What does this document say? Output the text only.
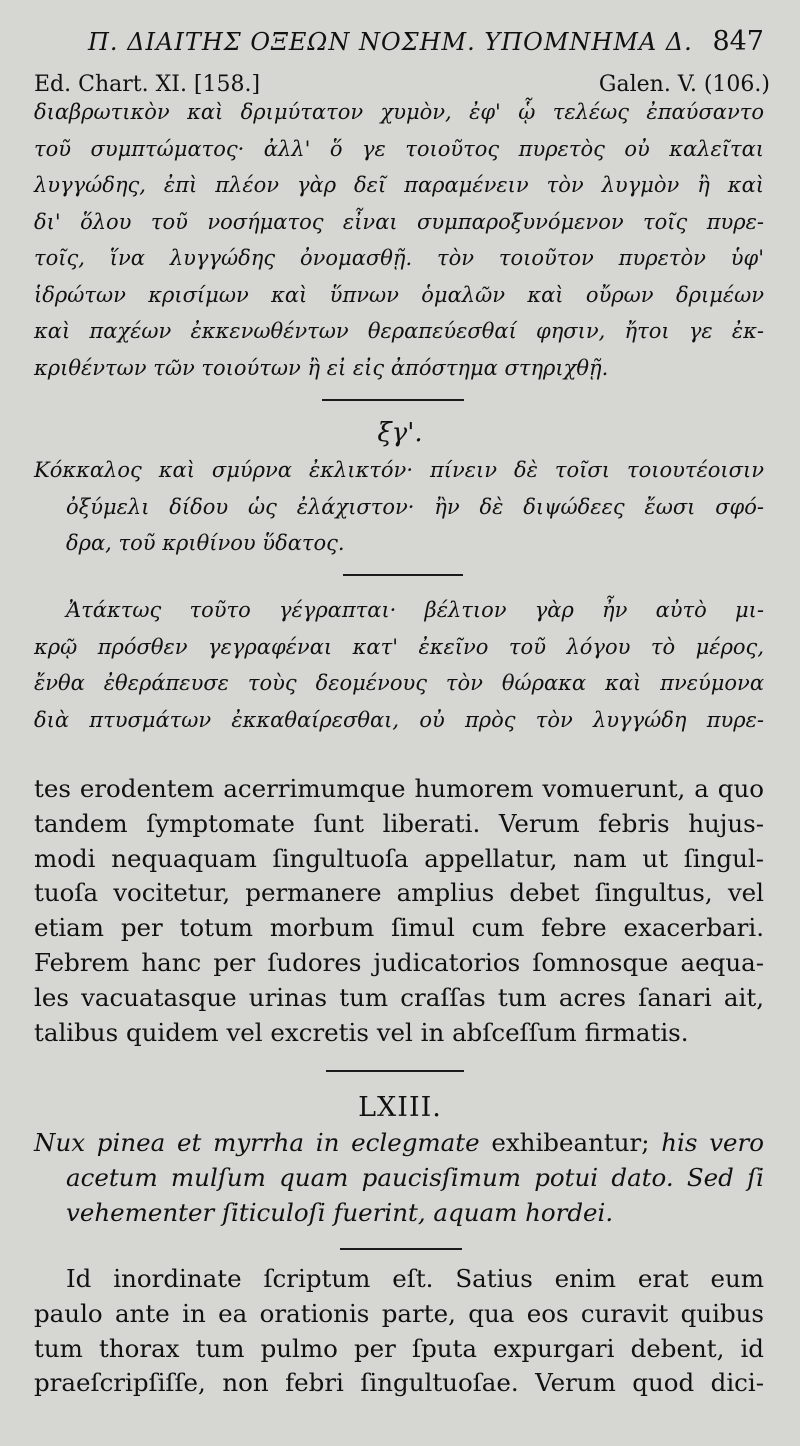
Π. ΔΙΑΙΤΗΣ ΟΞΕΩΝ ΝΟΣΗΜ. ΥΠΟΜΝΗΜΑ Δ. 847
Ed. Chart. XI. [158.]	Galen. V. (106.)
διαβρωτικὸν καὶ δριμύτατον χυμὸν, ἐφ' ᾧ τελέως ἐπαύσαντο
τοῦ συμπτώματος· ἀλλ' ὅ γε τοιοῦτος πυρετὸς οὐ καλεῖται
λυγγώδης, ἐπὶ πλέον γὰρ δεῖ παραμένειν τὸν λυγμὸν ἢ καὶ
δι' ὅλου τοῦ νοσήματος εἶναι συμπαροξυνόμενον τοῖς πυρε-
τοῖς, ἵνα λυγγώδης ὀνομασθῇ. τὸν τοιοῦτον πυρετὸν ὑφ'
ἱδρώτων κρισίμων καὶ ὕπνων ὁμαλῶν καὶ οὔρων δριμέων
καὶ παχέων ἐκκενωθέντων θεραπεύεσθαί φησιν, ἤτοι γε ἐκ-
κριθέντων τῶν τοιούτων ἢ εἰ εἰς ἀπόστημα στηριχθῇ.
ξγ'.
Κόκκαλος καὶ σμύρνα ἐκλικτόν· πίνειν δὲ τοῖσι τοιουτέοισιν
ὀξύμελι δίδου ὡς ἐλάχιστον· ἢν δὲ διψώδεες ἔωσι σφό-
δρα, τοῦ κριθίνου ὕδατος.
Ἀτάκτως τοῦτο γέγραπται· βέλτιον γὰρ ἦν αὐτὸ μι-
κρῷ πρόσθεν γεγραφέναι κατ' ἐκεῖνο τοῦ λόγου τὸ μέρος,
ἔνθα ἐθεράπευσε τοὺς δεομένους τὸν θώρακα καὶ πνεύμονα
διὰ πτυσμάτων ἐκκαθαίρεσθαι, οὐ πρὸς τὸν λυγγώδη πυρε-
tes erodentem acerrimumque humorem vomuerunt, a quo
tandem ſymptomate ſunt liberati. Verum febris hujus-
modi nequaquam ſingultuoſa appellatur, nam ut ſingul-
tuoſa vocitetur, permanere amplius debet ſingultus, vel
etiam per totum morbum ſimul cum febre exacerbari.
Febrem hanc per ſudores judicatorios ſomnosque aequa-
les vacuatasque urinas tum craſſas tum acres ſanari ait,
talibus quidem vel excretis vel in abſceſſum firmatis.
LXIII.
Nux pinea et myrrha in eclegmate exhibeantur; his vero
acetum mulſum quam paucisſimum potui dato. Sed ſi
vehementer ſiticuloſi fuerint, aquam hordei.
Id inordinate ſcriptum eſt. Satius enim erat eum
paulo ante in ea orationis parte, qua eos curavit quibus
tum thorax tum pulmo per ſputa expurgari debent, id
praeſcripſiſſe, non febri ſingultuoſae. Verum quod dici-
